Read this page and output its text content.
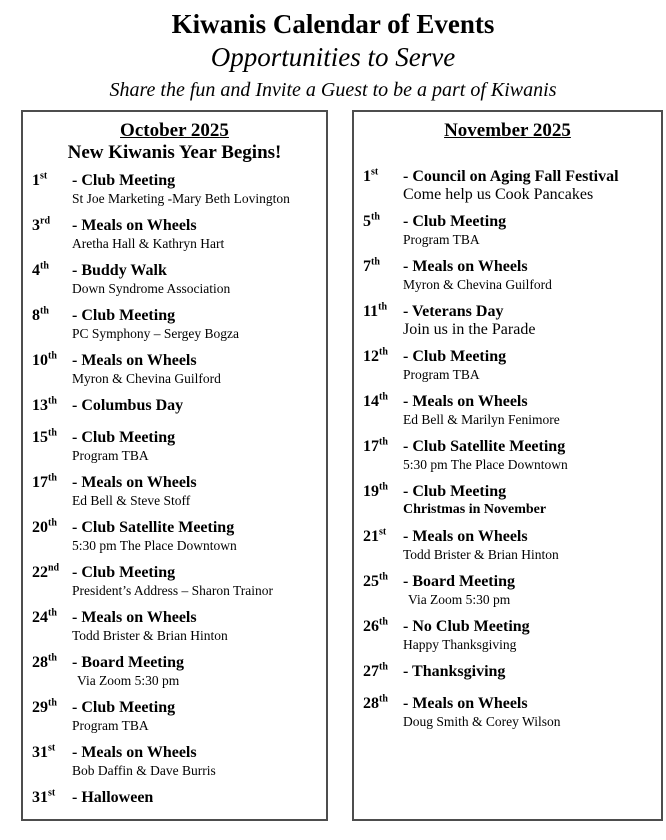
Kiwanis Calendar of Events
Opportunities to Serve
Share the fun and Invite a Guest to be a part of Kiwanis
October 2025
New Kiwanis Year Begins!
1st	- Club Meeting
St Joe Marketing -Mary Beth Lovington
3rd	- Meals on Wheels
Aretha Hall & Kathryn Hart
4th	- Buddy Walk
Down Syndrome Association
8th	- Club Meeting
PC Symphony – Sergey Bogza
10th - Meals on Wheels
Myron & Chevina Guilford
13th - Columbus Day
15th - Club Meeting
Program TBA
17th - Meals on Wheels
Ed Bell & Steve Stoff
20th - Club Satellite Meeting
5:30 pm The Place Downtown
22nd - Club Meeting
President’s Address – Sharon Trainor
24th - Meals on Wheels
Todd Brister & Brian Hinton
28th - Board Meeting
Via Zoom 5:30 pm
29th - Club Meeting
Program TBA
31st	- Meals on Wheels
Bob Daffin & Dave Burris
31st	- Halloween
November 2025
1st	- Council on Aging Fall Festival
Come help us Cook Pancakes
5th	- Club Meeting
Program TBA
7th	- Meals on Wheels
Myron & Chevina Guilford
11th - Veterans Day
Join us in the Parade
12th - Club Meeting
Program TBA
14th - Meals on Wheels
Ed Bell & Marilyn Fenimore
17th - Club Satellite Meeting
5:30 pm The Place Downtown
19th - Club Meeting
Christmas in November
21st	- Meals on Wheels
Todd Brister & Brian Hinton
25th - Board Meeting
Via Zoom 5:30 pm
26th - No Club Meeting
Happy Thanksgiving
27th - Thanksgiving
28th - Meals on Wheels
Doug Smith & Corey Wilson
